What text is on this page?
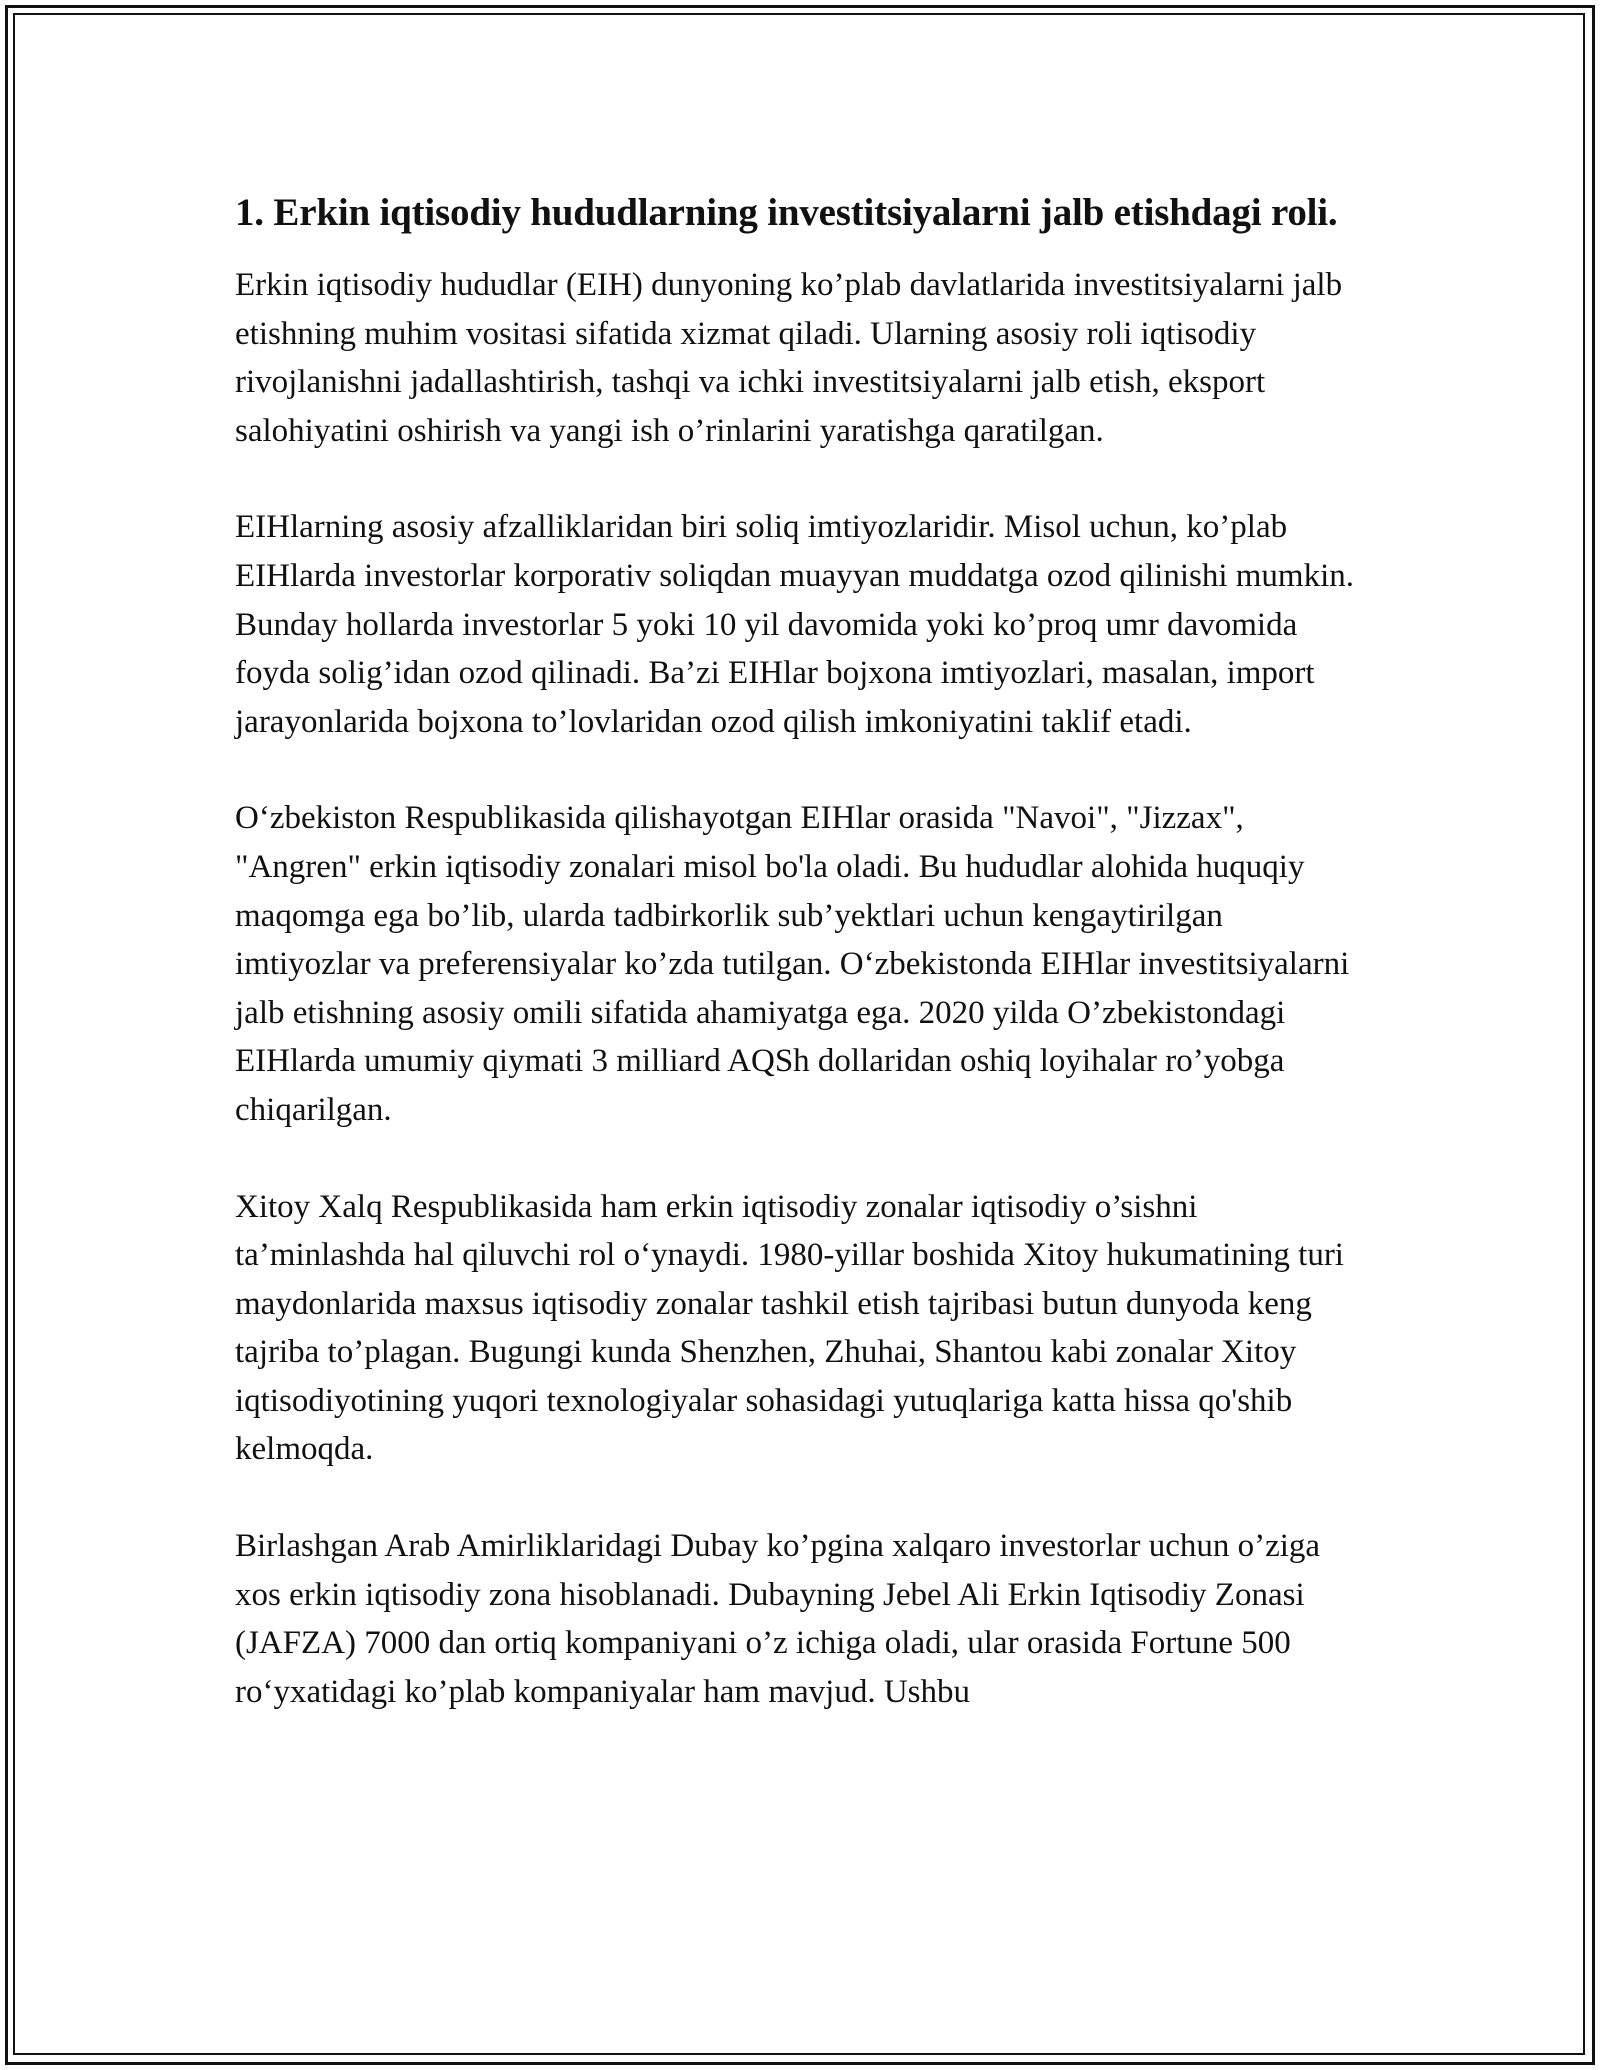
1. Erkin iqtisodiy hududlarning investitsiyalarni jalb etishdagi roli.

Erkin iqtisodiy hududlar (EIH) dunyoning ko’plab davlatlarida investitsiyalarni jalb etishning muhim vositasi sifatida xizmat qiladi. Ularning asosiy roli iqtisodiy rivojlanishni jadallashtirish, tashqi va ichki investitsiyalarni jalb etish, eksport salohiyatini oshirish va yangi ish o’rinlarini yaratishga qaratilgan.

EIHlarning asosiy afzalliklaridan biri soliq imtiyozlaridir. Misol uchun, ko’plab EIHlarda investorlar korporativ soliqdan muayyan muddatga ozod qilinishi mumkin. Bunday hollarda investorlar 5 yoki 10 yil davomida yoki ko’proq umr davomida foyda solig’idan ozod qilinadi. Ba’zi EIHlar bojxona imtiyozlari, masalan, import jarayonlarida bojxona to’lovlaridan ozod qilish imkoniyatini taklif etadi.

O‘zbekiston Respublikasida qilishayotgan EIHlar orasida "Navoi", "Jizzax", "Angren" erkin iqtisodiy zonalari misol bo'la oladi. Bu hududlar alohida huquqiy maqomga ega bo’lib, ularda tadbirkorlik sub’yektlari uchun kengaytirilgan imtiyozlar va preferensiyalar ko’zda tutilgan. O‘zbekistonda EIHlar investitsiyalarni jalb etishning asosiy omili sifatida ahamiyatga ega. 2020 yilda O’zbekistondagi EIHlarda umumiy qiymati 3 milliard AQSh dollaridan oshiq loyihalar ro’yobga chiqarilgan.

Xitoy Xalq Respublikasida ham erkin iqtisodiy zonalar iqtisodiy o’sishni ta’minlashda hal qiluvchi rol o‘ynaydi. 1980-yillar boshida Xitoy hukumatining turi maydonlarida maxsus iqtisodiy zonalar tashkil etish tajribasi butun dunyoda keng tajriba to’plagan. Bugungi kunda Shenzhen, Zhuhai, Shantou kabi zonalar Xitoy iqtisodiyotining yuqori texnologiyalar sohasidagi yutuqlariga katta hissa qo'shib kelmoqda.

Birlashgan Arab Amirliklaridagi Dubay ko’pgina xalqaro investorlar uchun o’ziga xos erkin iqtisodiy zona hisoblanadi. Dubayning Jebel Ali Erkin Iqtisodiy Zonasi (JAFZA) 7000 dan ortiq kompaniyani o’z ichiga oladi, ular orasida Fortune 500 ro‘yxatidagi ko’plab kompaniyalar ham mavjud. Ushbu
